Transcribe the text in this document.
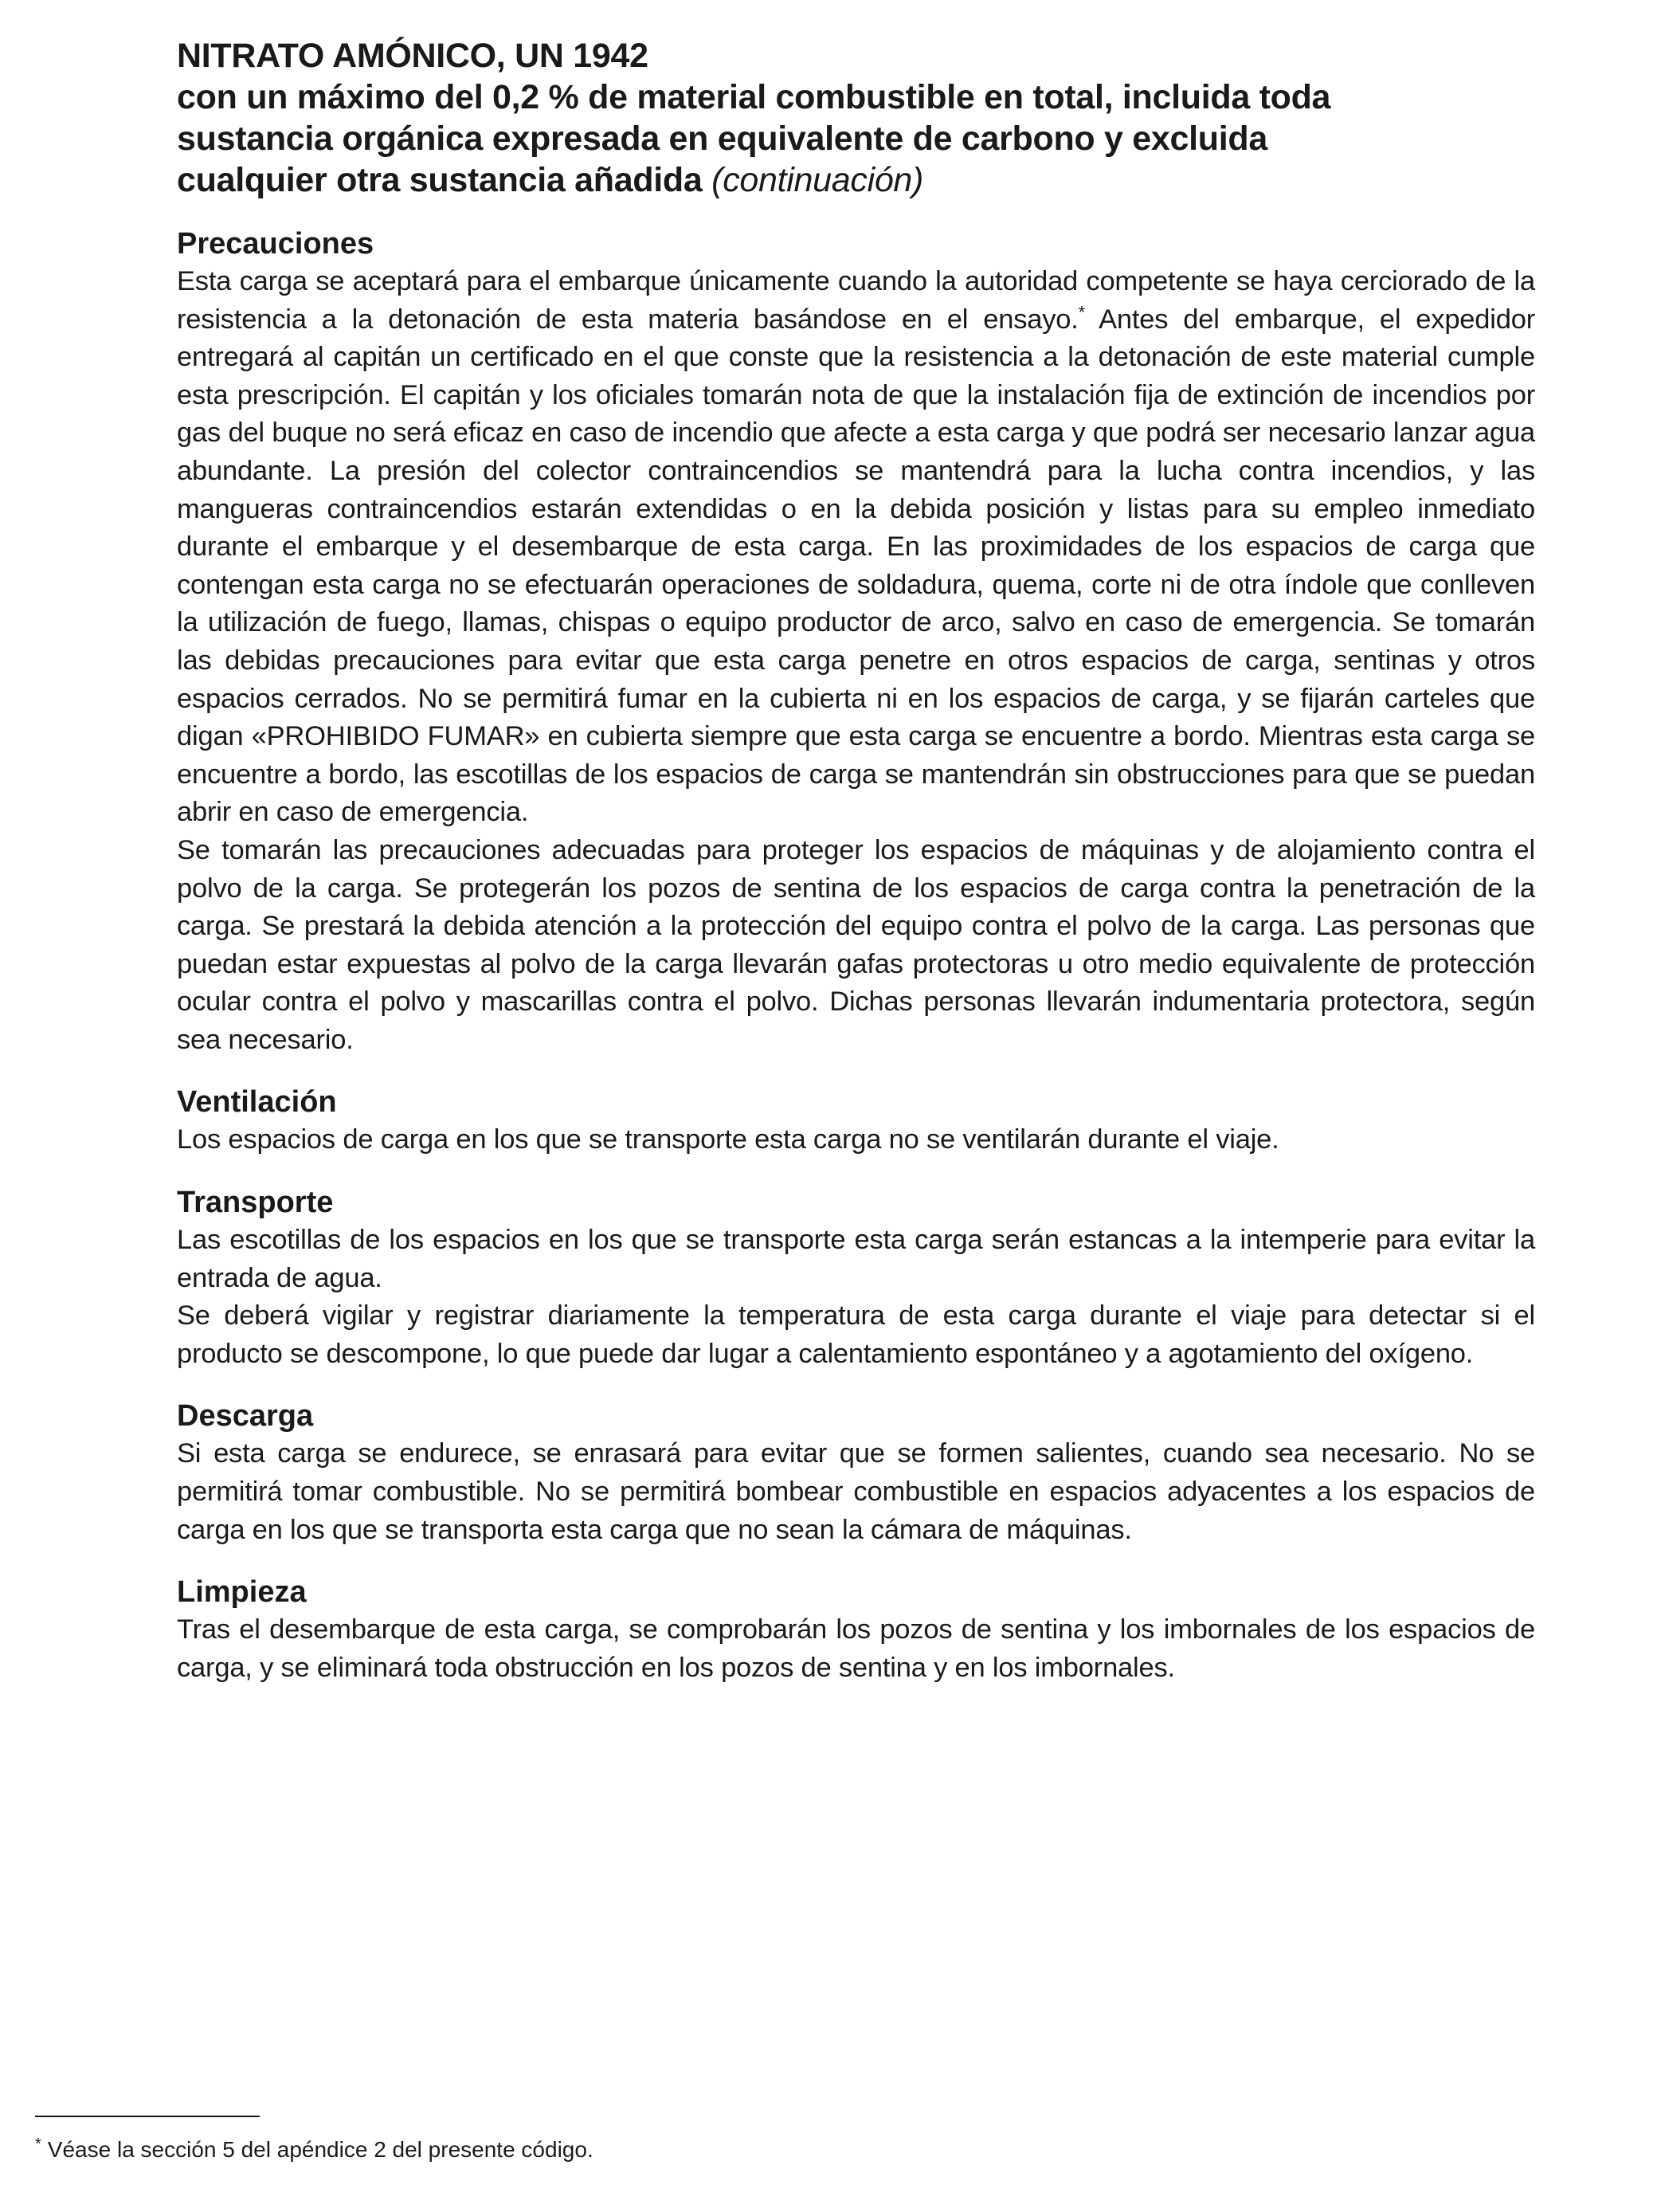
NITRATO AMÓNICO, UN 1942
con un máximo del 0,2 % de material combustible en total, incluida toda
sustancia orgánica expresada en equivalente de carbono y excluida
cualquier otra sustancia añadida (continuación)
Precauciones

Esta carga se aceptará para el embarque únicamente cuando la autoridad competente se haya cerciorado de la resistencia a la detonación de esta materia basándose en el ensayo.* Antes del embarque, el expedidor entregará al capitán un certificado en el que conste que la resistencia a la detonación de este material cumple esta prescripción. El capitán y los oficiales tomarán nota de que la instalación fija de extinción de incendios por gas del buque no será eficaz en caso de incendio que afecte a esta carga y que podrá ser necesario lanzar agua abundante. La presión del colector contraincendios se mantendrá para la lucha contra incendios, y las mangueras contraincendios estarán extendidas o en la debida posición y listas para su empleo inmediato durante el embarque y el desembarque de esta carga. En las proximidades de los espacios de carga que contengan esta carga no se efectuarán operaciones de soldadura, quema, corte ni de otra índole que conlleven la utilización de fuego, llamas, chispas o equipo productor de arco, salvo en caso de emergencia. Se tomarán las debidas precauciones para evitar que esta carga penetre en otros espacios de carga, sentinas y otros espacios cerrados. No se permitirá fumar en la cubierta ni en los espacios de carga, y se fijarán carteles que digan «PROHIBIDO FUMAR» en cubierta siempre que esta carga se encuentre a bordo. Mientras esta carga se encuentre a bordo, las escotillas de los espacios de carga se mantendrán sin obstrucciones para que se puedan abrir en caso de emergencia.

Se tomarán las precauciones adecuadas para proteger los espacios de máquinas y de alojamiento contra el polvo de la carga. Se protegerán los pozos de sentina de los espacios de carga contra la penetración de la carga. Se prestará la debida atención a la protección del equipo contra el polvo de la carga. Las personas que puedan estar expuestas al polvo de la carga llevarán gafas protectoras u otro medio equivalente de protección ocular contra el polvo y mascarillas contra el polvo. Dichas personas llevarán indumentaria protectora, según sea necesario.

Ventilación

Los espacios de carga en los que se transporte esta carga no se ventilarán durante el viaje.

Transporte

Las escotillas de los espacios en los que se transporte esta carga serán estancas a la intemperie para evitar la entrada de agua.

Se deberá vigilar y registrar diariamente la temperatura de esta carga durante el viaje para detectar si el producto se descompone, lo que puede dar lugar a calentamiento espontáneo y a agotamiento del oxígeno.

Descarga

Si esta carga se endurece, se enrasará para evitar que se formen salientes, cuando sea necesario. No se permitirá tomar combustible. No se permitirá bombear combustible en espacios adyacentes a los espacios de carga en los que se transporta esta carga que no sean la cámara de máquinas.

Limpieza

Tras el desembarque de esta carga, se comprobarán los pozos de sentina y los imbornales de los espacios de carga, y se eliminará toda obstrucción en los pozos de sentina y en los imbornales.

* Véase la sección 5 del apéndice 2 del presente código.
